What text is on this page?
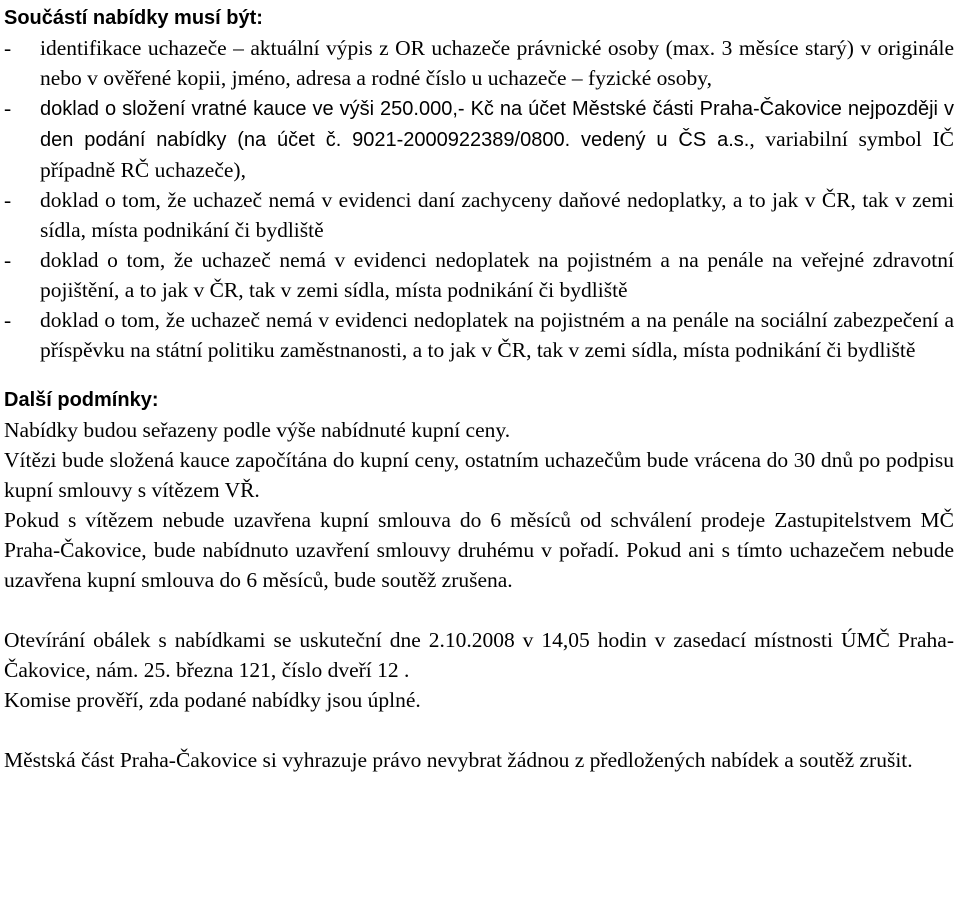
Součástí nabídky musí být:
- identifikace uchazeče – aktuální výpis z OR uchazeče právnické osoby (max. 3 měsíce starý) v originále nebo v ověřené kopii, jméno, adresa a rodné číslo u uchazeče – fyzické osoby,
- doklad o složení vratné kauce ve výši 250.000,- Kč na účet Městské části Praha-Čakovice nejpozději v den podání nabídky (na účet č. 9021-2000922389/0800. vedený u ČS a.s., variabilní symbol IČ případně RČ uchazeče),
- doklad o tom, že uchazeč nemá v evidenci daní zachyceny daňové nedoplatky, a to jak v ČR, tak v zemi sídla, místa podnikání či bydliště
- doklad o tom, že uchazeč nemá v evidenci nedoplatek na pojistném a na penále na veřejné zdravotní pojištění, a to jak v ČR, tak v zemi sídla, místa podnikání či bydliště
- doklad o tom, že uchazeč nemá v evidenci nedoplatek na pojistném a na penále na sociální zabezpečení a příspěvku na státní politiku zaměstnanosti, a to jak v ČR, tak v zemi sídla, místa podnikání či bydliště
Další podmínky:

Nabídky budou seřazeny podle výše nabídnuté kupní ceny.

Vítězi bude složená kauce započítána do kupní ceny, ostatním uchazečům bude vrácena do 30 dnů po podpisu kupní smlouvy s vítězem VŘ.

Pokud s vítězem nebude uzavřena kupní smlouva do 6 měsíců od schválení prodeje Zastupitelstvem MČ Praha-Čakovice, bude nabídnuto uzavření smlouvy druhému v pořadí. Pokud ani s tímto uchazečem nebude uzavřena kupní smlouva do 6 měsíců, bude soutěž zrušena.

Otevírání obálek s nabídkami se uskuteční dne 2.10.2008 v 14,05 hodin v zasedací místnosti ÚMČ Praha-Čakovice, nám. 25. března 121, číslo dveří 12 .

Komise prověří, zda podané nabídky jsou úplné.

Městská část Praha-Čakovice si vyhrazuje právo nevybrat žádnou z předložených nabídek a soutěž zrušit.
